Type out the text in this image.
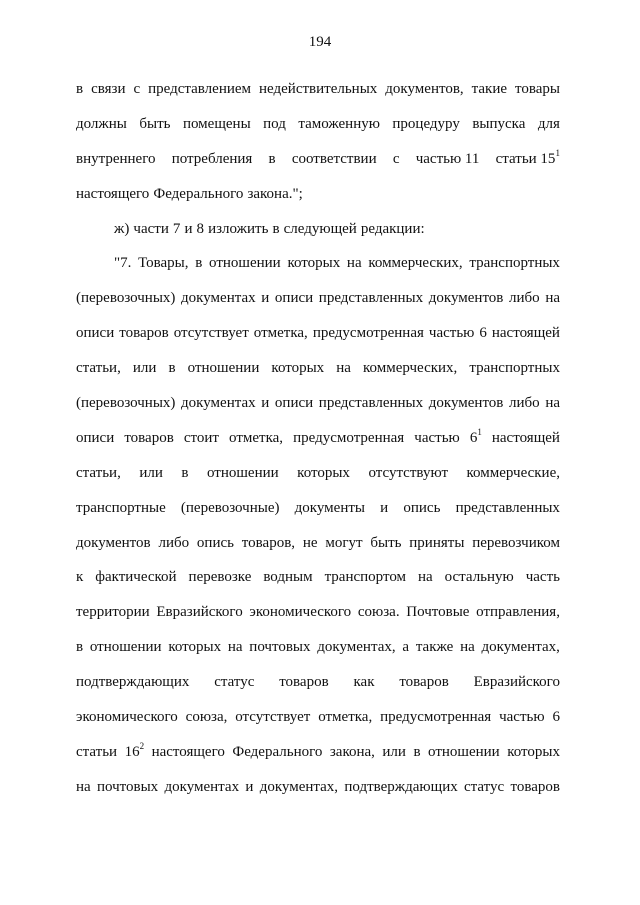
194
в связи с представлением недействительных документов, такие товары
должны быть помещены под таможенную процедуру выпуска для
внутреннего потребления в соответствии с частью 11 статьи $15^1$
настоящего Федерального закона.";
ж) части 7 и 8 изложить в следующей редакции:
"7. Товары, в отношении которых на коммерческих, транспортных
(перевозочных) документах и описи представленных документов либо на
описи товаров отсутствует отметка, предусмотренная частью 6 настоящей
статьи, или в отношении которых на коммерческих, транспортных
(перевозочных) документах и описи представленных документов либо на
описи товаров стоит отметка, предусмотренная частью $6^1$ настоящей
статьи, или в отношении которых отсутствуют коммерческие,
транспортные (перевозочные) документы и опись представленных
документов либо опись товаров, не могут быть приняты перевозчиком
к фактической перевозке водным транспортом на остальную часть
территории Евразийского экономического союза. Почтовые отправления,
в отношении которых на почтовых документах, а также на документах,
подтверждающих статус товаров как товаров Евразийского
экономического союза, отсутствует отметка, предусмотренная частью 6
статьи $16^2$ настоящего Федерального закона, или в отношении которых
на почтовых документах и документах, подтверждающих статус товаров
